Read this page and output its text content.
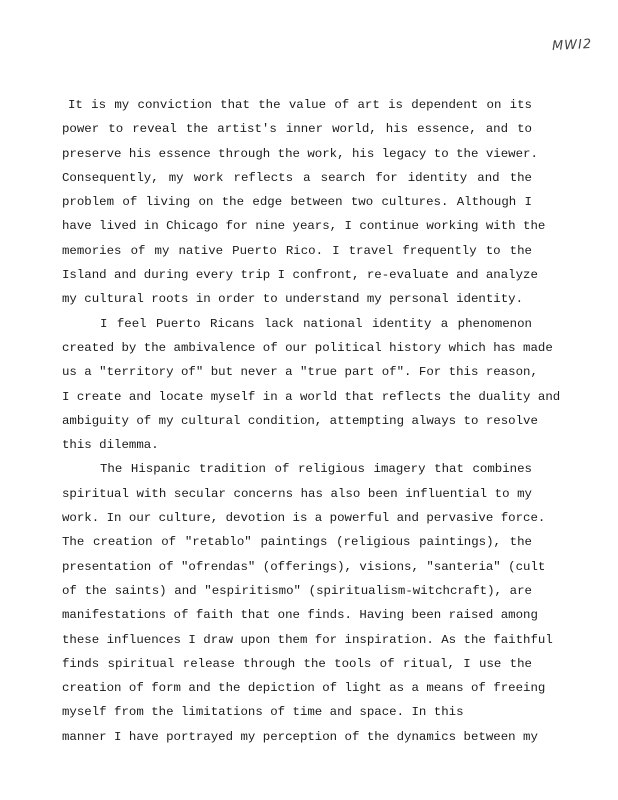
MWI2
It is my conviction that the value of art is dependent on its
power to reveal the artist's inner world, his essence, and to
preserve his essence through the work, his legacy to the viewer.
Consequently, my work reflects a search for identity and the
problem of living on the edge between two cultures. Although I
have lived in Chicago for nine years, I continue working with the
memories of my native Puerto Rico. I travel frequently to the
Island and during every trip I confront, re-evaluate and analyze
my cultural roots in order to understand my personal identity.
I feel Puerto Ricans lack national identity a phenomenon
created by the ambivalence of our political history which has made
us a "territory of" but never a "true part of". For this reason,
I create and locate myself in a world that reflects the duality and
ambiguity of my cultural condition, attempting always to resolve
this dilemma.
The Hispanic tradition of religious imagery that combines
spiritual with secular concerns has also been influential to my
work. In our culture, devotion is a powerful and pervasive force.
The creation of "retablo" paintings (religious paintings), the
presentation of "ofrendas" (offerings), visions, "santeria" (cult
of the saints) and "espiritismo" (spiritualism-witchcraft), are
manifestations of faith that one finds. Having been raised among
these influences I draw upon them for inspiration. As the faithful
finds spiritual release through the tools of ritual, I use the
creation of form and the depiction of light as a means of freeing
myself from the limitations of time and space. In this
manner I have portrayed my perception of the dynamics between my
